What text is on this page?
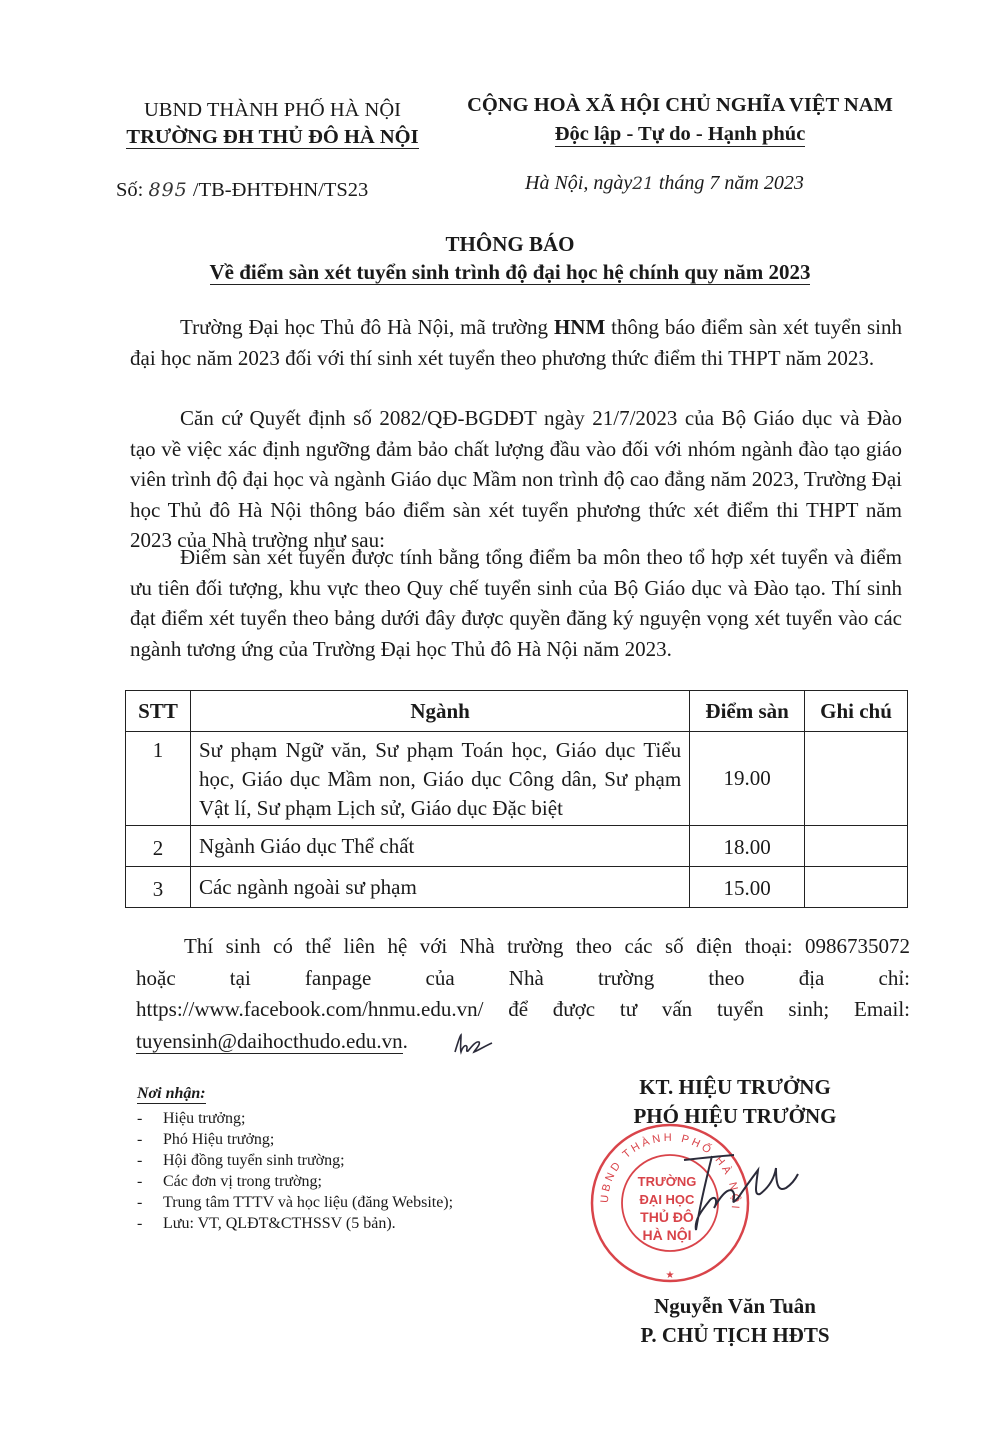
UBND THÀNH PHỐ HÀ NỘI
TRƯỜNG ĐH THỦ ĐÔ HÀ NỘI
CỘNG HOÀ XÃ HỘI CHỦ NGHĨA VIỆT NAM
Độc lập - Tự do - Hạnh phúc
Số: 895 /TB-ĐHTĐHN/TS23	Hà Nội, ngày21 tháng 7 năm 2023
THÔNG BÁO
Về điểm sàn xét tuyển sinh trình độ đại học hệ chính quy năm 2023

Trường Đại học Thủ đô Hà Nội, mã trường HNM thông báo điểm sàn xét tuyển sinh đại học năm 2023 đối với thí sinh xét tuyển theo phương thức điểm thi THPT năm 2023.

Căn cứ Quyết định số 2082/QĐ-BGDĐT ngày 21/7/2023 của Bộ Giáo dục và Đào tạo về việc xác định ngưỡng đảm bảo chất lượng đầu vào đối với nhóm ngành đào tạo giáo viên trình độ đại học và ngành Giáo dục Mầm non trình độ cao đẳng năm 2023, Trường Đại học Thủ đô Hà Nội thông báo điểm sàn xét tuyển phương thức xét điểm thi THPT năm 2023 của Nhà trường như sau:

Điểm sàn xét tuyển được tính bằng tổng điểm ba môn theo tổ hợp xét tuyển và điểm ưu tiên đối tượng, khu vực theo Quy chế tuyển sinh của Bộ Giáo dục và Đào tạo. Thí sinh đạt điểm xét tuyển theo bảng dưới đây được quyền đăng ký nguyện vọng xét tuyển vào các ngành tương ứng của Trường Đại học Thủ đô Hà Nội năm 2023.

STT	Ngành	Điểm sàn	Ghi chú
1	Sư phạm Ngữ văn, Sư phạm Toán học, Giáo dục Tiểu học, Giáo dục Mầm non, Giáo dục Công dân, Sư phạm Vật lí, Sư phạm Lịch sử, Giáo dục Đặc biệt	19.00	
2	Ngành Giáo dục Thể chất	18.00	
3	Các ngành ngoài sư phạm	15.00	
Thí sinh có thể liên hệ với Nhà trường theo các số điện thoại: 0986735072
hoặc tại fanpage của Nhà trường theo địa chỉ:
https://www.facebook.com/hnmu.edu.vn/ để được tư vấn tuyển sinh; Email:
tuyensinh@daihocthudo.edu.vn.
Nơi nhận:
- Hiệu trưởng;
- Phó Hiệu trưởng;
- Hội đồng tuyển sinh trường;
- Các đơn vị trong trường;
- Trung tâm TTTV và học liệu (đăng Website);
- Lưu: VT, QLĐT&CTHSSV (5 bản).
KT. HIỆU TRƯỞNG
PHÓ HIỆU TRƯỞNG
UBND THÀNH PHỐ HÀ NỘI
★
TRƯỜNG
ĐẠI HỌC
THỦ ĐÔ
HÀ NỘI
Nguyễn Văn Tuân
P. CHỦ TỊCH HĐTS
